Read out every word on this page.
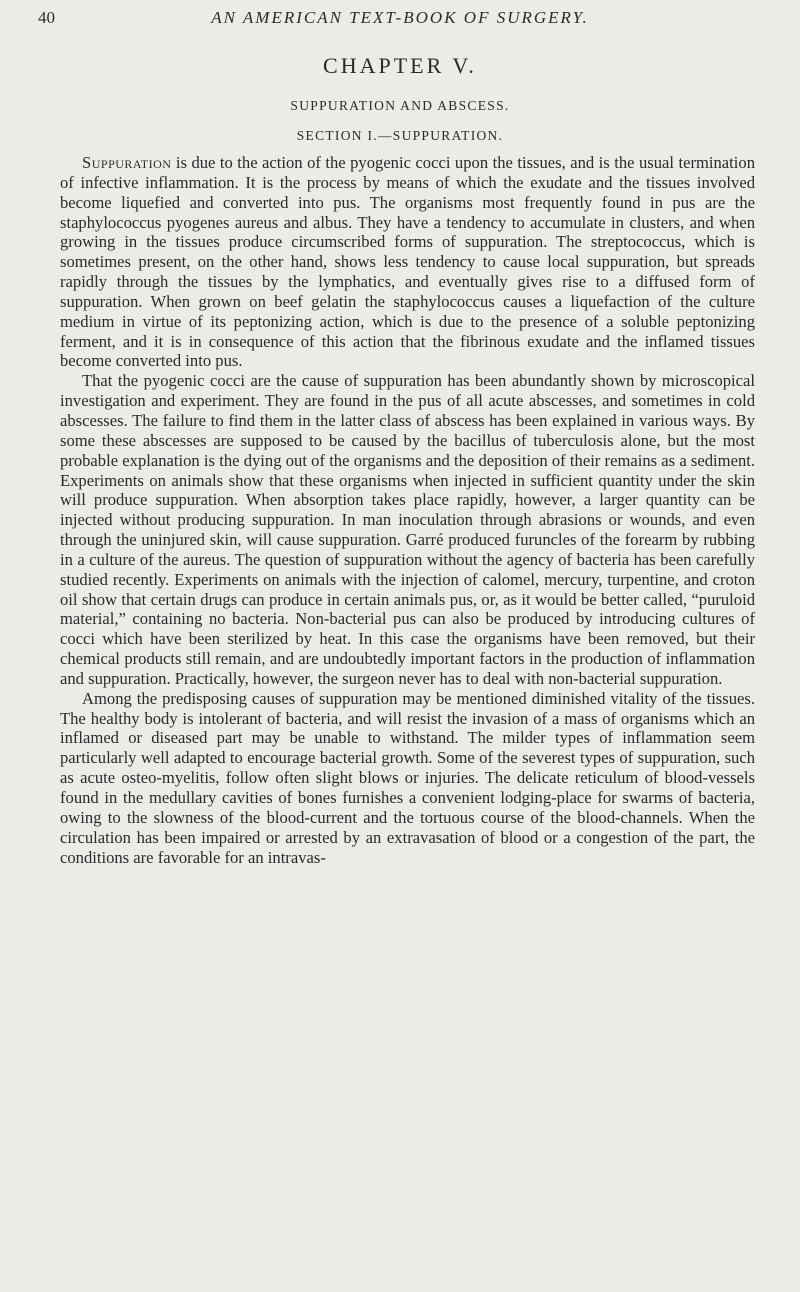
40	AN AMERICAN TEXT-BOOK OF SURGERY.
CHAPTER V.
SUPPURATION AND ABSCESS.
SECTION I.—SUPPURATION.

Suppuration is due to the action of the pyogenic cocci upon the tissues, and is the usual termination of infective inflammation. It is the process by means of which the exudate and the tissues involved become liquefied and converted into pus. The organisms most frequently found in pus are the staphylococcus pyogenes aureus and albus. They have a tendency to accumulate in clusters, and when growing in the tissues produce circumscribed forms of suppuration. The streptococcus, which is sometimes present, on the other hand, shows less tendency to cause local suppuration, but spreads rapidly through the tissues by the lymphatics, and eventually gives rise to a diffused form of suppuration. When grown on beef gelatin the staphylococcus causes a liquefaction of the culture medium in virtue of its peptonizing action, which is due to the presence of a soluble peptonizing ferment, and it is in consequence of this action that the fibrinous exudate and the inflamed tissues become converted into pus.

That the pyogenic cocci are the cause of suppuration has been abundantly shown by microscopical investigation and experiment. They are found in the pus of all acute abscesses, and sometimes in cold abscesses. The failure to find them in the latter class of abscess has been explained in various ways. By some these abscesses are supposed to be caused by the bacillus of tuberculosis alone, but the most probable explanation is the dying out of the organisms and the deposition of their remains as a sediment. Experiments on animals show that these organisms when injected in sufficient quantity under the skin will produce suppuration. When absorption takes place rapidly, however, a larger quantity can be injected without producing suppuration. In man inoculation through abrasions or wounds, and even through the uninjured skin, will cause suppuration. Garré produced furuncles of the forearm by rubbing in a culture of the aureus. The question of suppuration without the agency of bacteria has been carefully studied recently. Experiments on animals with the injection of calomel, mercury, turpentine, and croton oil show that certain drugs can produce in certain animals pus, or, as it would be better called, “puruloid material,” containing no bacteria. Non-bacterial pus can also be produced by introducing cultures of cocci which have been sterilized by heat. In this case the organisms have been removed, but their chemical products still remain, and are undoubtedly important factors in the production of inflammation and suppuration. Practically, however, the surgeon never has to deal with non-bacterial suppuration.

Among the predisposing causes of suppuration may be mentioned diminished vitality of the tissues. The healthy body is intolerant of bacteria, and will resist the invasion of a mass of organisms which an inflamed or diseased part may be unable to withstand. The milder types of inflammation seem particularly well adapted to encourage bacterial growth. Some of the severest types of suppuration, such as acute osteo-myelitis, follow often slight blows or injuries. The delicate reticulum of blood-vessels found in the medullary cavities of bones furnishes a convenient lodging-place for swarms of bacteria, owing to the slowness of the blood-current and the tortuous course of the blood-channels. When the circulation has been impaired or arrested by an extravasation of blood or a congestion of the part, the conditions are favorable for an intravas-
